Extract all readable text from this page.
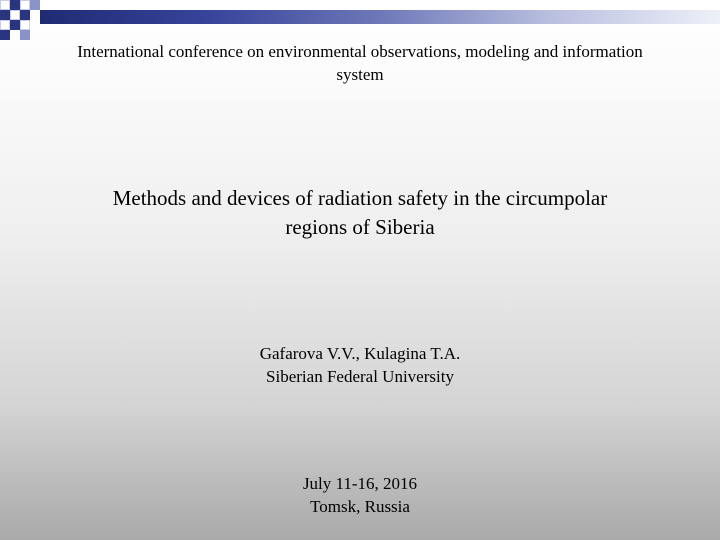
International conference on environmental observations, modeling and information system
Methods and devices of radiation safety in the circumpolar regions of Siberia
Gafarova V.V., Kulagina T.A.
Siberian Federal University
July 11-16, 2016
Tomsk, Russia
